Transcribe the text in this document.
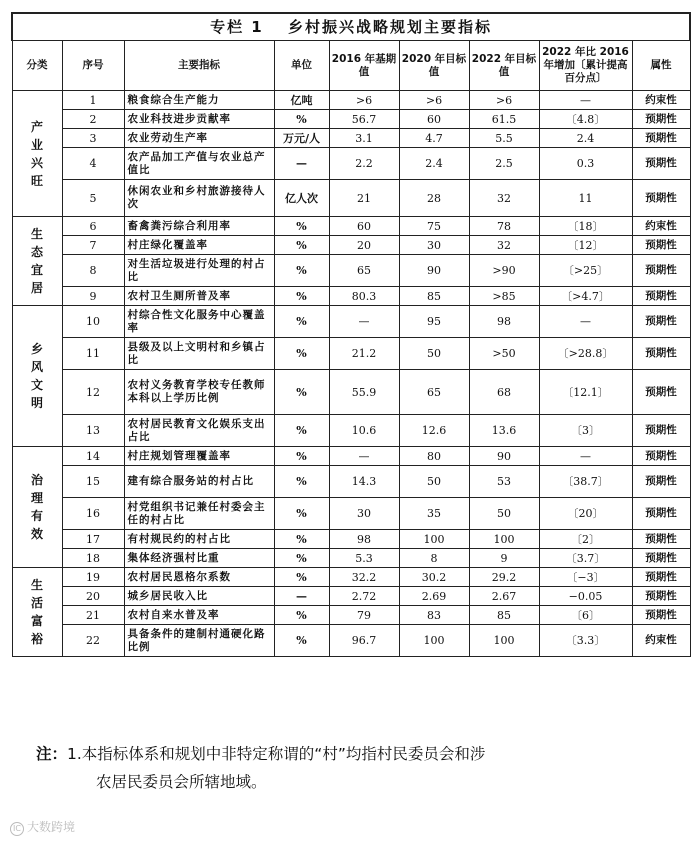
专栏 1　 乡村振兴战略规划主要指标								
分类	序号	主要指标	单位	2016 年基期值	2020 年目标值	2022 年目标值	2022 年比 2016 年增加〔累计提高百分点〕	属性
产业兴旺	1	粮食综合生产能力	亿吨	>6	>6	>6	—	约束性
	2	农业科技进步贡献率	%	56.7	60	61.5	〔4.8〕	预期性
	3	农业劳动生产率	万元/人	3.1	4.7	5.5	2.4	预期性
	4	农产品加工产值与农业总产值比	—	2.2	2.4	2.5	0.3	预期性
	5	休闲农业和乡村旅游接待人次	亿人次	21	28	32	11	预期性
生态宜居	6	畜禽粪污综合利用率	%	60	75	78	〔18〕	约束性
	7	村庄绿化覆盖率	%	20	30	32	〔12〕	预期性
	8	对生活垃圾进行处理的村占比	%	65	90	>90	〔>25〕	预期性
	9	农村卫生厕所普及率	%	80.3	85	>85	〔>4.7〕	预期性
乡风文明	10	村综合性文化服务中心覆盖率	%	—	95	98	—	预期性
	11	县级及以上文明村和乡镇占比	%	21.2	50	>50	〔>28.8〕	预期性
	12	农村义务教育学校专任教师本科以上学历比例	%	55.9	65	68	〔12.1〕	预期性
	13	农村居民教育文化娱乐支出占比	%	10.6	12.6	13.6	〔3〕	预期性
治理有效	14	村庄规划管理覆盖率	%	—	80	90	—	预期性
	15	建有综合服务站的村占比	%	14.3	50	53	〔38.7〕	预期性
	16	村党组织书记兼任村委会主任的村占比	%	30	35	50	〔20〕	预期性
	17	有村规民约的村占比	%	98	100	100	〔2〕	预期性
	18	集体经济强村比重	%	5.3	8	9	〔3.7〕	预期性
生活富裕	19	农村居民恩格尔系数	%	32.2	30.2	29.2	〔−3〕	预期性
	20	城乡居民收入比	—	2.72	2.69	2.67	−0.05	预期性
	21	农村自来水普及率	%	79	83	85	〔6〕	预期性
	22	具备条件的建制村通硬化路比例	%	96.7	100	100	〔3.3〕	约束性
注：1.本指标体系和规划中非特定称谓的“村”均指村民委员会和涉
农居民委员会所辖地域。
IC 大数跨境
